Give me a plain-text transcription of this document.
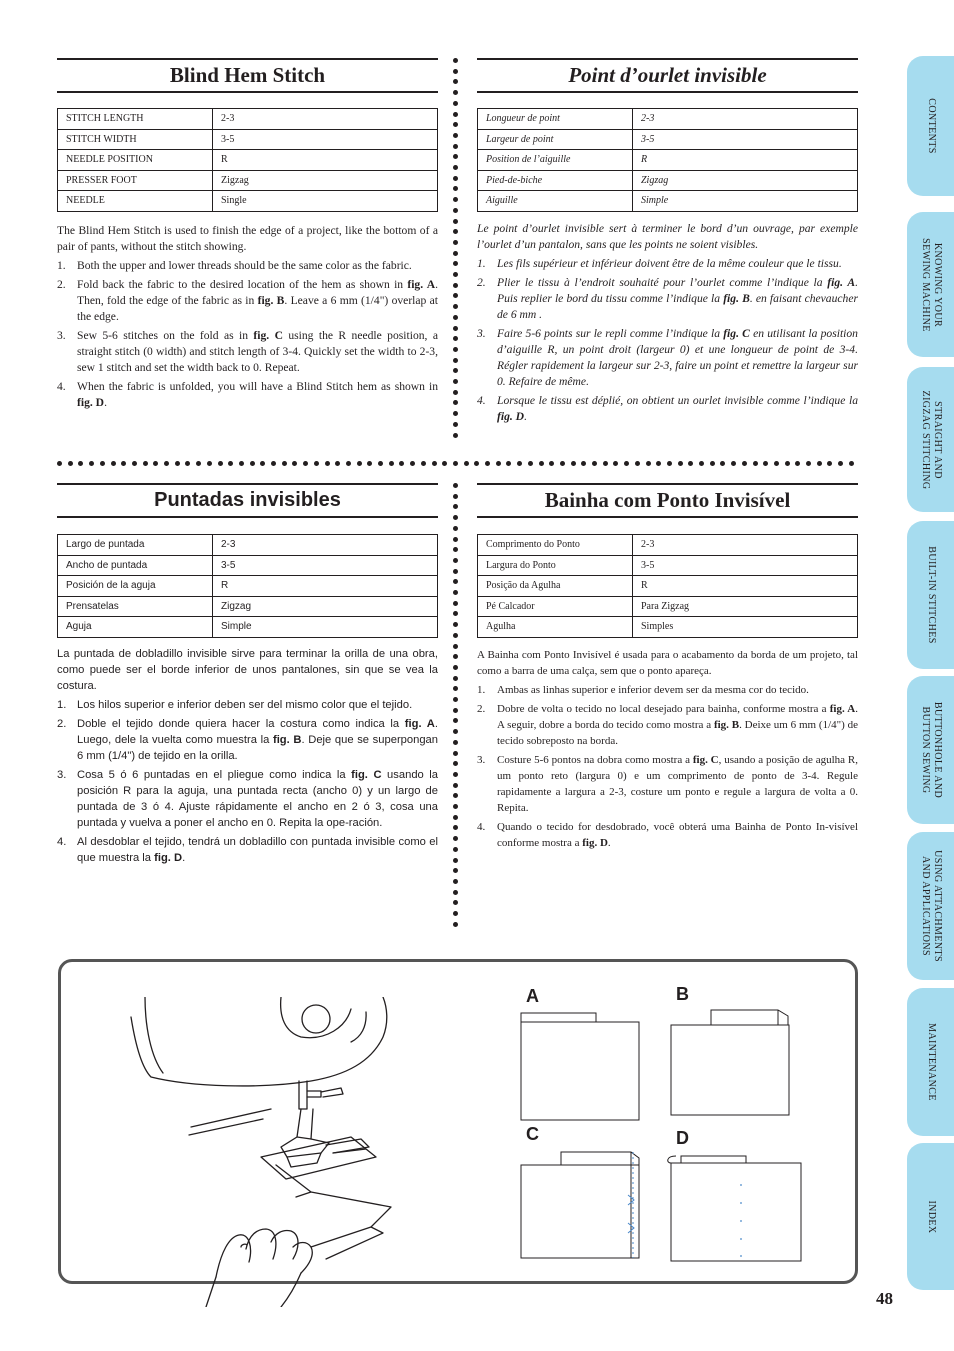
Blind Hem Stitch
STITCH LENGTH	2-3
STITCH WIDTH	3-5
NEEDLE POSITION	R
PRESSER FOOT	Zigzag
NEEDLE	Single

The Blind Hem Stitch is used to finish the edge of a project, like the bottom of a pair of pants, without the stitch showing.

1. Both the upper and lower threads should be the same color as the fabric.
2. Fold back the fabric to the desired location of the hem as shown in fig. A. Then, fold the edge of the fabric as in fig. B. Leave a 6 mm (1/4") overlap at the edge.
3. Sew 5-6 stitches on the fold as in fig. C using the R needle position, a straight stitch (0 width) and stitch length of 3-4. Quickly set the width to 2-3, sew 1 stitch and set the width back to 0. Repeat.
4. When the fabric is unfolded, you will have a Blind Stitch hem as shown in fig. D.
Point d’ourlet invisible
Longueur de point	2-3
Largeur de point	3-5
Position de l’aiguille	R
Pied-de-biche	Zigzag
Aiguille	Simple

Le point d’ourlet invisible sert à terminer le bord d’un ouvrage, par exemple l’ourlet d’un pantalon, sans que les points ne soient visibles.

1. Les fils supérieur et inférieur doivent être de la même couleur que le tissu.
2. Plier le tissu à l’endroit souhaité pour l’ourlet comme l’indique la fig. A. Puis replier le bord du tissu comme l’indique la fig. B. en faisant chevaucher de 6 mm .
3. Faire 5-6 points sur le repli comme l’indique la fig. C en utilisant la position d’aiguille R, un point droit (largeur 0) et une longueur de point de 3-4. Régler rapidement la largeur sur 2-3, faire un point et remettre la largeur sur 0. Refaire de même.
4. Lorsque le tissu est déplié, on obtient un ourlet invisible comme l’indique la fig. D.
Puntadas invisibles
Largo de puntada	2-3
Ancho de puntada	3-5
Posición de la aguja	R
Prensatelas	Zigzag
Aguja	Simple

La puntada de dobladillo invisible sirve para terminar la orilla de una obra, como puede ser el borde inferior de unos pantalones, sin que se vea la costura.

1. Los hilos superior e inferior deben ser del mismo color que el tejido.
2. Doble el tejido donde quiera hacer la costura como indica la fig. A. Luego, dele la vuelta como muestra la fig. B. Deje que se superpongan 6 mm (1/4") de tejido en la orilla.
3. Cosa 5 ó 6 puntadas en el pliegue como indica la fig. C usando la posición R para la aguja, una puntada recta (ancho 0) y un largo de puntada de 3 ó 4. Ajuste rápidamente el ancho en 2 ó 3, cosa una puntada y vuelva a poner el ancho en 0. Repita la ope-ración.
4. Al desdoblar el tejido, tendrá un dobladillo con puntada invisible como el que muestra la fig. D.
Bainha com Ponto Invisível
Comprimento do Ponto	2-3
Largura do Ponto	3-5
Posição da Agulha	R
Pé Calcador	Para Zigzag
Agulha	Simples

A Bainha com Ponto Invisível é usada para o acabamento da borda de um projeto, tal como a barra de uma calça, sem que o ponto apareça.

1. Ambas as linhas superior e inferior devem ser da mesma cor do tecido.
2. Dobre de volta o tecido no local desejado para bainha, conforme mostra a fig. A. A seguir, dobre a borda do tecido como mostra a fig. B. Deixe um 6 mm (1/4") de tecido sobreposto na borda.
3. Costure 5-6 pontos na dobra como mostra a fig. C, usando a posição de agulha R, um ponto reto (largura 0) e um comprimento de ponto de 3-4. Regule rapidamente a largura a 2-3, costure um ponto e regule a largura de volta a 0. Repita.
4. Quando o tecido for desdobrado, você obterá uma Bainha de Ponto In-visível conforme mostra a fig. D.
A	B
C	D
CONTENTS
KNOWING YOUR
SEWING MACHINE
STRAIGHT AND
ZIGZAG STITCHING
BUILT-IN STITCHES
BUTTONHOLE AND
BUTTON SEWING
USING ATTACHMENTS
AND APPLICATIONS
MAINTENANCE
INDEX
48
